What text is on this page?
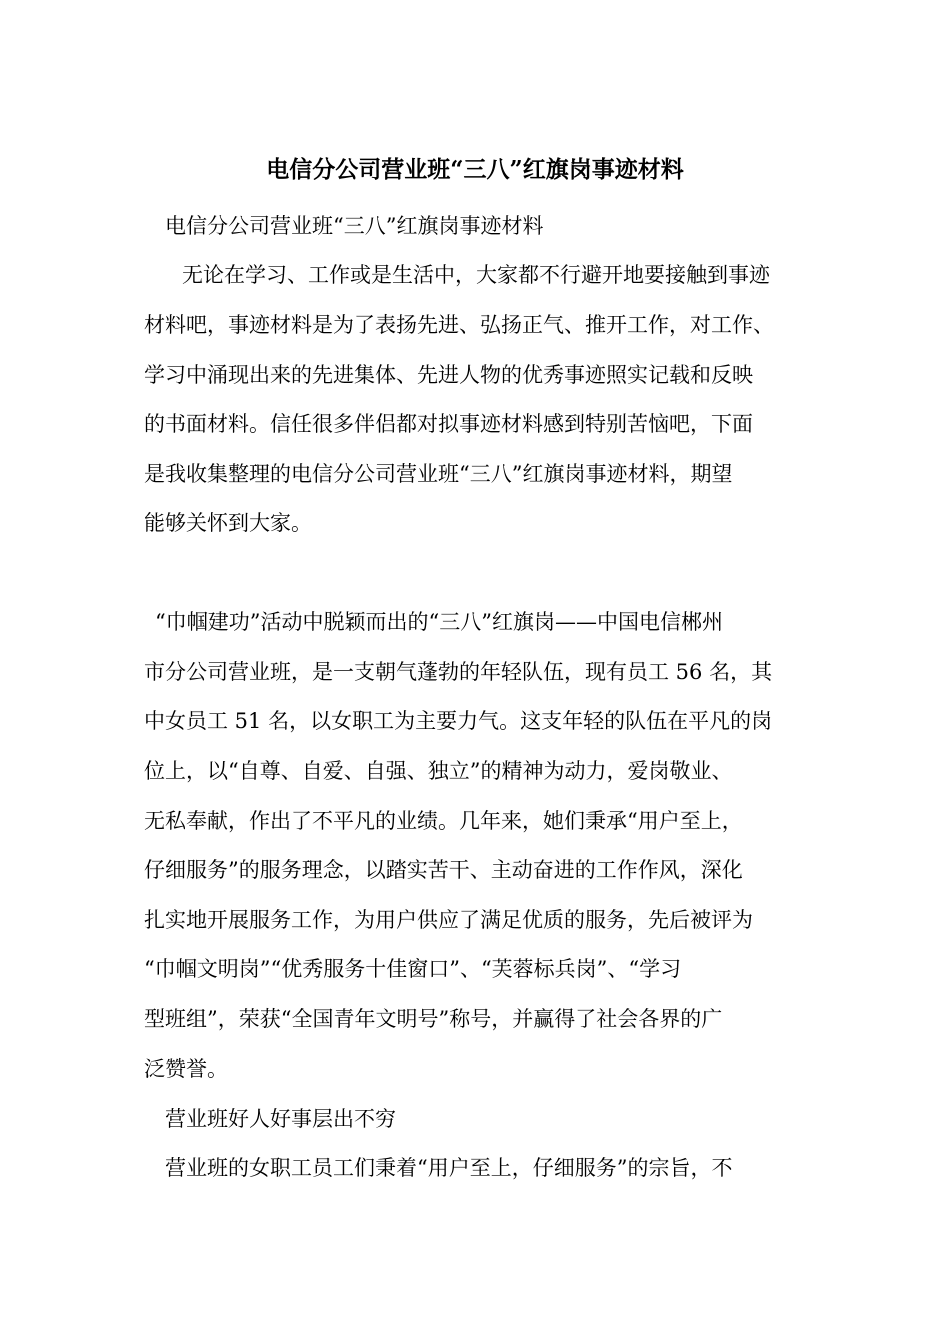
电信分公司营业班“三八”红旗岗事迹材料
电信分公司营业班“三八”红旗岗事迹材料
无论在学习、工作或是生活中，大家都不行避开地要接触到事迹
材料吧，事迹材料是为了表扬先进、弘扬正气、推开工作，对工作、
学习中涌现出来的先进集体、先进人物的优秀事迹照实记载和反映
的书面材料。信任很多伴侣都对拟事迹材料感到特别苦恼吧，下面
是我收集整理的电信分公司营业班“三八”红旗岗事迹材料，期望
能够关怀到大家。
“巾帼建功”活动中脱颖而出的“三八”红旗岗——中国电信郴州
市分公司营业班，是一支朝气蓬勃的年轻队伍，现有员工 56 名，其
中女员工 51 名，以女职工为主要力气。这支年轻的队伍在平凡的岗
位上，以“自尊、自爱、自强、独立”的精神为动力，爱岗敬业、
无私奉献，作出了不平凡的业绩。几年来，她们秉承“用户至上，
仔细服务”的服务理念，以踏实苦干、主动奋进的工作作风，深化
扎实地开展服务工作，为用户供应了满足优质的服务，先后被评为
“巾帼文明岗”“优秀服务十佳窗口”、“芙蓉标兵岗”、“学习
型班组”，荣获“全国青年文明号”称号，并赢得了社会各界的广
泛赞誉。
营业班好人好事层出不穷
营业班的女职工员工们秉着“用户至上，仔细服务”的宗旨，不
